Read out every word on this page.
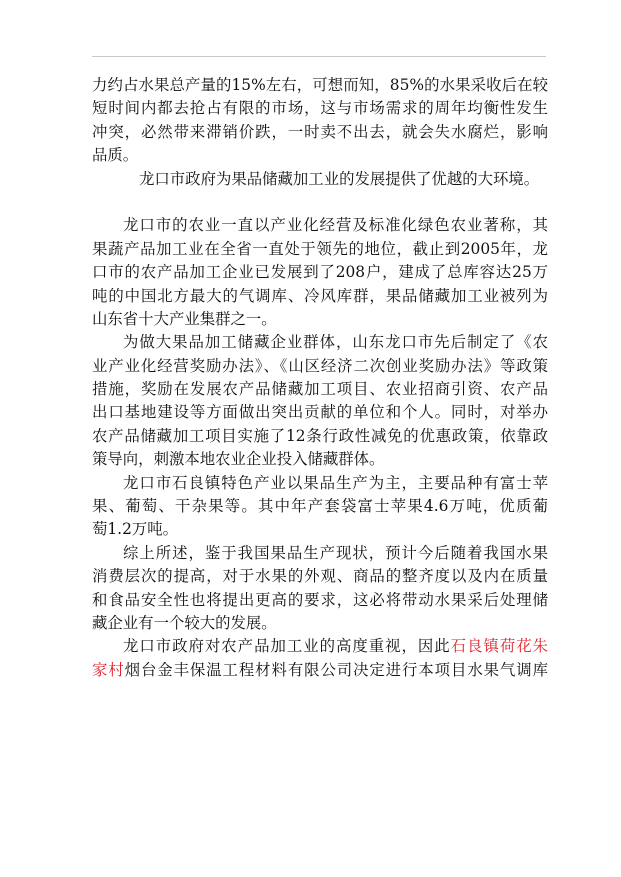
力约占水果总产量的15%左右，可想而知，85%的水果采收后在较
短时间内都去抢占有限的市场，这与市场需求的周年均衡性发生
冲突，必然带来滞销价跌，一时卖不出去，就会失水腐烂，影响
品质。
龙口市政府为果品储藏加工业的发展提供了优越的大环境。
龙口市的农业一直以产业化经营及标准化绿色农业著称，其
果蔬产品加工业在全省一直处于领先的地位，截止到2005年，龙
口市的农产品加工企业已发展到了208户，建成了总库容达25万
吨的中国北方最大的气调库、冷风库群，果品储藏加工业被列为
山东省十大产业集群之一。
为做大果品加工储藏企业群体，山东龙口市先后制定了《农
业产业化经营奖励办法》、《山区经济二次创业奖励办法》等政策
措施，奖励在发展农产品储藏加工项目、农业招商引资、农产品
出口基地建设等方面做出突出贡献的单位和个人。同时，对举办
农产品储藏加工项目实施了12条行政性减免的优惠政策，依靠政
策导向，刺激本地农业企业投入储藏群体。
龙口市石良镇特色产业以果品生产为主，主要品种有富士苹
果、葡萄、干杂果等。其中年产套袋富士苹果4.6万吨，优质葡
萄1.2万吨。
综上所述，鉴于我国果品生产现状，预计今后随着我国水果
消费层次的提高，对于水果的外观、商品的整齐度以及内在质量
和食品安全性也将提出更高的要求，这必将带动水果采后处理储
藏企业有一个较大的发展。
龙口市政府对农产品加工业的高度重视，因此石良镇荷花朱
家村烟台金丰保温工程材料有限公司决定进行本项目水果气调库
